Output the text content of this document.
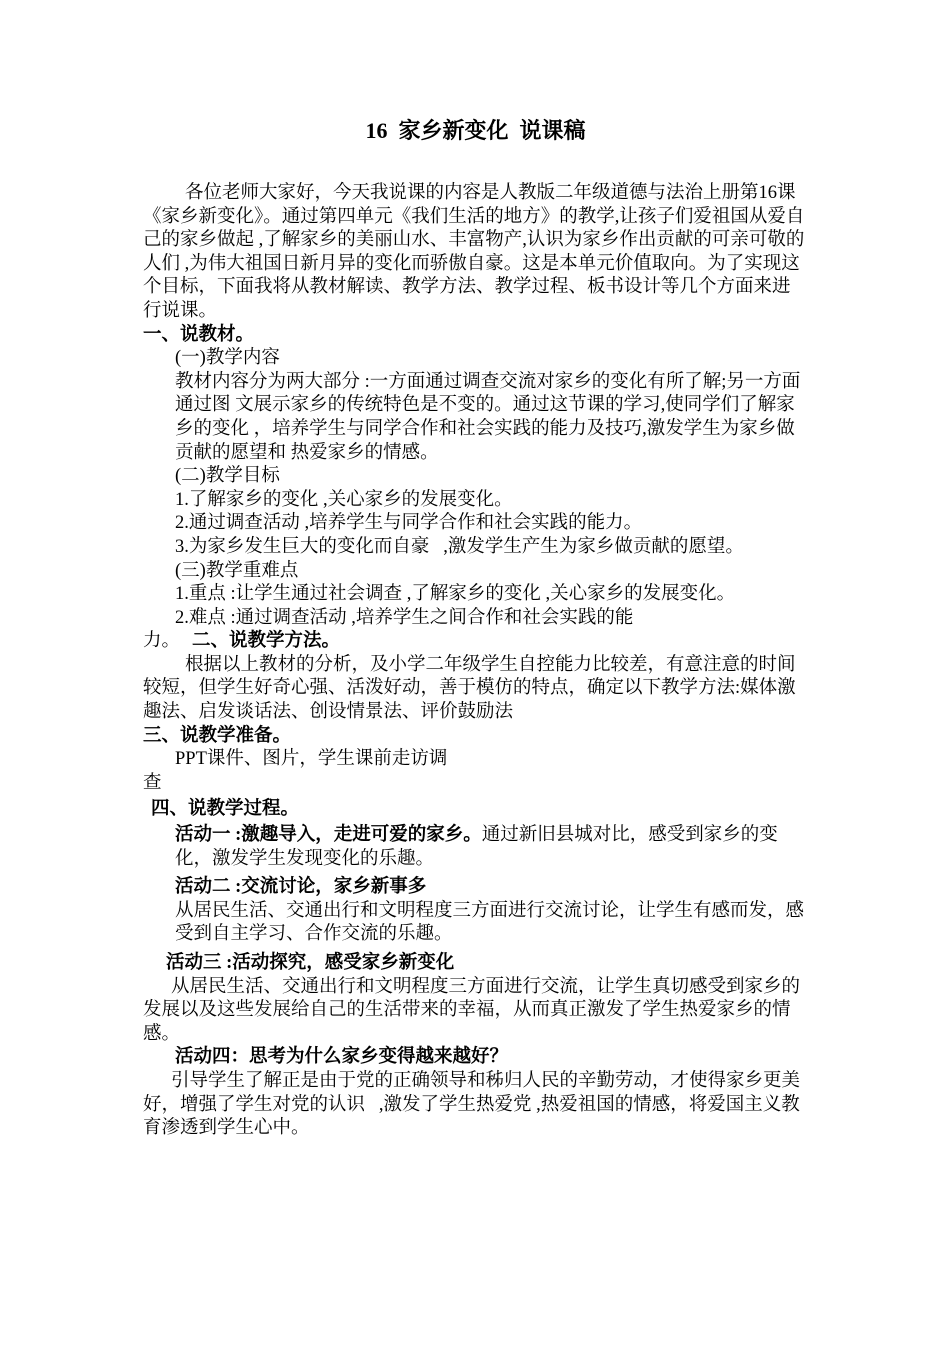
16  家乡新变化  说课稿

各位老师大家好，今天我说课的内容是人教版二年级道德与法治上册第16课《家乡新变化》。通过第四单元《我们生活的地方》的教学,让孩子们爱祖国从爱自己的家乡做起 ,了解家乡的美丽山水、丰富物产,认识为家乡作出贡献的可亲可敬的人们 ,为伟大祖国日新月异的变化而骄傲自豪。这是本单元价值取向。为了实现这个目标，下面我将从教材解读、教学方法、教学过程、板书设计等几个方面来进行说课。

一、说教材。

(一)教学内容

教材内容分为两大部分 :一方面通过调查交流对家乡的变化有所了解;另一方面通过图 文展示家乡的传统特色是不变的。通过这节课的学习,使同学们了解家乡的变化 ，培养学生与同学合作和社会实践的能力及技巧,激发学生为家乡做贡献的愿望和 热爱家乡的情感。

(二)教学目标

1.了解家乡的变化 ,关心家乡的发展变化。

2.通过调查活动 ,培养学生与同学合作和社会实践的能力。

3.为家乡发生巨大的变化而自豪   ,激发学生产生为家乡做贡献的愿望。

(三)教学重难点

1.重点 :让学生通过社会调查 ,了解家乡的变化 ,关心家乡的发展变化。

2.难点 :通过调查活动 ,培养学生之间合作和社会实践的能

力。 二、说教学方法。

根据以上教材的分析，及小学二年级学生自控能力比较差，有意注意的时间较短，但学生好奇心强、活泼好动，善于模仿的特点，确定以下教学方法:媒体激趣法、启发谈话法、创设情景法、评价鼓励法

三、说教学准备。

PPT课件、图片，学生课前走访调

查

四、说教学过程。

活动一 :激趣导入，走进可爱的家乡。通过新旧县城对比，感受到家乡的变化，激发学生发现变化的乐趣。

活动二 :交流讨论，家乡新事多

从居民生活、交通出行和文明程度三方面进行交流讨论，让学生有感而发，感受到自主学习、合作交流的乐趣。

活动三 :活动探究，感受家乡新变化

从居民生活、交通出行和文明程度三方面进行交流，让学生真切感受到家乡的发展以及这些发展给自己的生活带来的幸福，从而真正激发了学生热爱家乡的情感。

活动四：思考为什么家乡变得越来越好？

引导学生了解正是由于党的正确领导和秭归人民的辛勤劳动，才使得家乡更美好，增强了学生对党的认识   ,激发了学生热爱党 ,热爱祖国的情感，将爱国主义教育渗透到学生心中。
